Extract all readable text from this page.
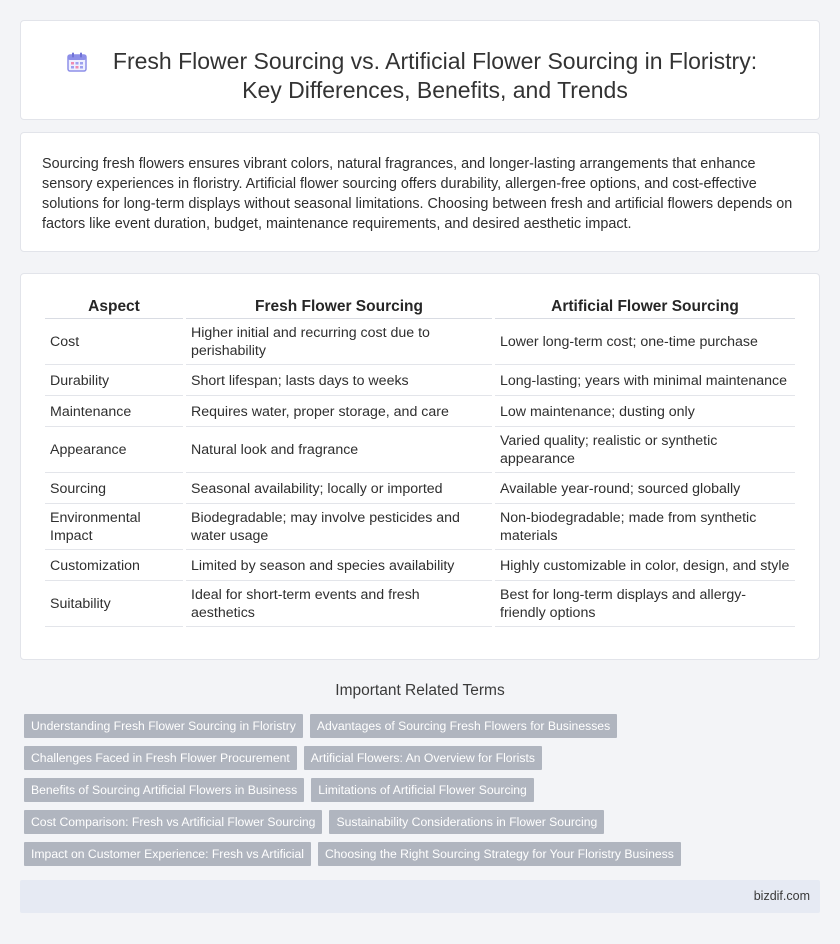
Fresh Flower Sourcing vs. Artificial Flower Sourcing in Floristry: Key Differences, Benefits, and Trends

Sourcing fresh flowers ensures vibrant colors, natural fragrances, and longer-lasting arrangements that enhance sensory experiences in floristry. Artificial flower sourcing offers durability, allergen-free options, and cost-effective solutions for long-term displays without seasonal limitations. Choosing between fresh and artificial flowers depends on factors like event duration, budget, maintenance requirements, and desired aesthetic impact.

Aspect	Fresh Flower Sourcing	Artificial Flower Sourcing
Cost	Higher initial and recurring cost due to perishability	Lower long-term cost; one-time purchase
Durability	Short lifespan; lasts days to weeks	Long-lasting; years with minimal maintenance
Maintenance	Requires water, proper storage, and care	Low maintenance; dusting only
Appearance	Natural look and fragrance	Varied quality; realistic or synthetic appearance
Sourcing	Seasonal availability; locally or imported	Available year-round; sourced globally
Environmental Impact	Biodegradable; may involve pesticides and water usage	Non-biodegradable; made from synthetic materials
Customization	Limited by season and species availability	Highly customizable in color, design, and style
Suitability	Ideal for short-term events and fresh aesthetics	Best for long-term displays and allergy-friendly options
Important Related Terms
Understanding Fresh Flower Sourcing in Floristry	Advantages of Sourcing Fresh Flowers for Businesses
Challenges Faced in Fresh Flower Procurement	Artificial Flowers: An Overview for Florists
Benefits of Sourcing Artificial Flowers in Business	Limitations of Artificial Flower Sourcing
Cost Comparison: Fresh vs Artificial Flower Sourcing	Sustainability Considerations in Flower Sourcing
Impact on Customer Experience: Fresh vs Artificial	Choosing the Right Sourcing Strategy for Your Floristry Business
bizdif.com
